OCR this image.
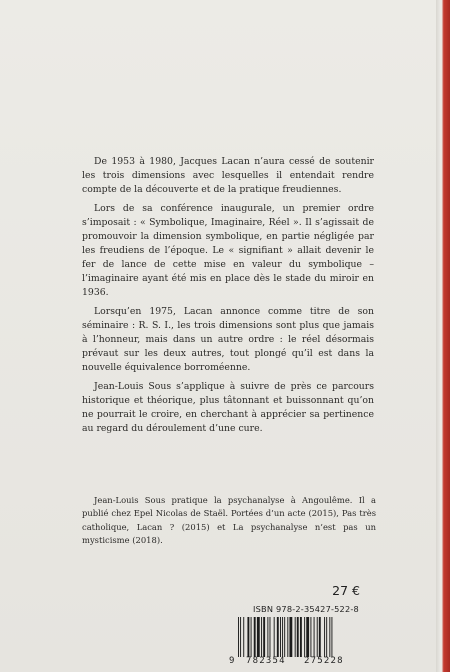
De 1953 à 1980, Jacques Lacan n’aura cessé de soutenir les trois dimensions avec lesquelles il entendait rendre compte de la découverte et de la pratique freudiennes.

Lors de sa conférence inaugurale, un premier ordre s’imposait : « Symbolique, Imaginaire, Réel ». Il s’agissait de promouvoir la dimension symbolique, en partie négligée par les freudiens de l’époque. Le « signifiant » allait devenir le fer de lance de cette mise en valeur du symbolique – l’imaginaire ayant été mis en place dès le stade du miroir en 1936.

Lorsqu’en 1975, Lacan annonce comme titre de son séminaire : R. S. I., les trois dimensions sont plus que jamais à l’honneur, mais dans un autre ordre : le réel désormais prévaut sur les deux autres, tout plongé qu’il est dans la nouvelle équivalence borroméenne.

Jean-Louis Sous s’applique à suivre de près ce parcours historique et théorique, plus tâtonnant et buissonnant qu’on ne pourrait le croire, en cherchant à apprécier sa pertinence au regard du déroulement d’une cure.

Jean-Louis Sous pratique la psychanalyse à Angoulême. Il a publié chez Epel Nicolas de Staël. Portées d’un acte (2015), Pas très catholique, Lacan ? (2015) et La psychanalyse n’est pas un mysticisme (2018).

27 €
ISBN 978-2-35427-522-8
9 782354 275228
